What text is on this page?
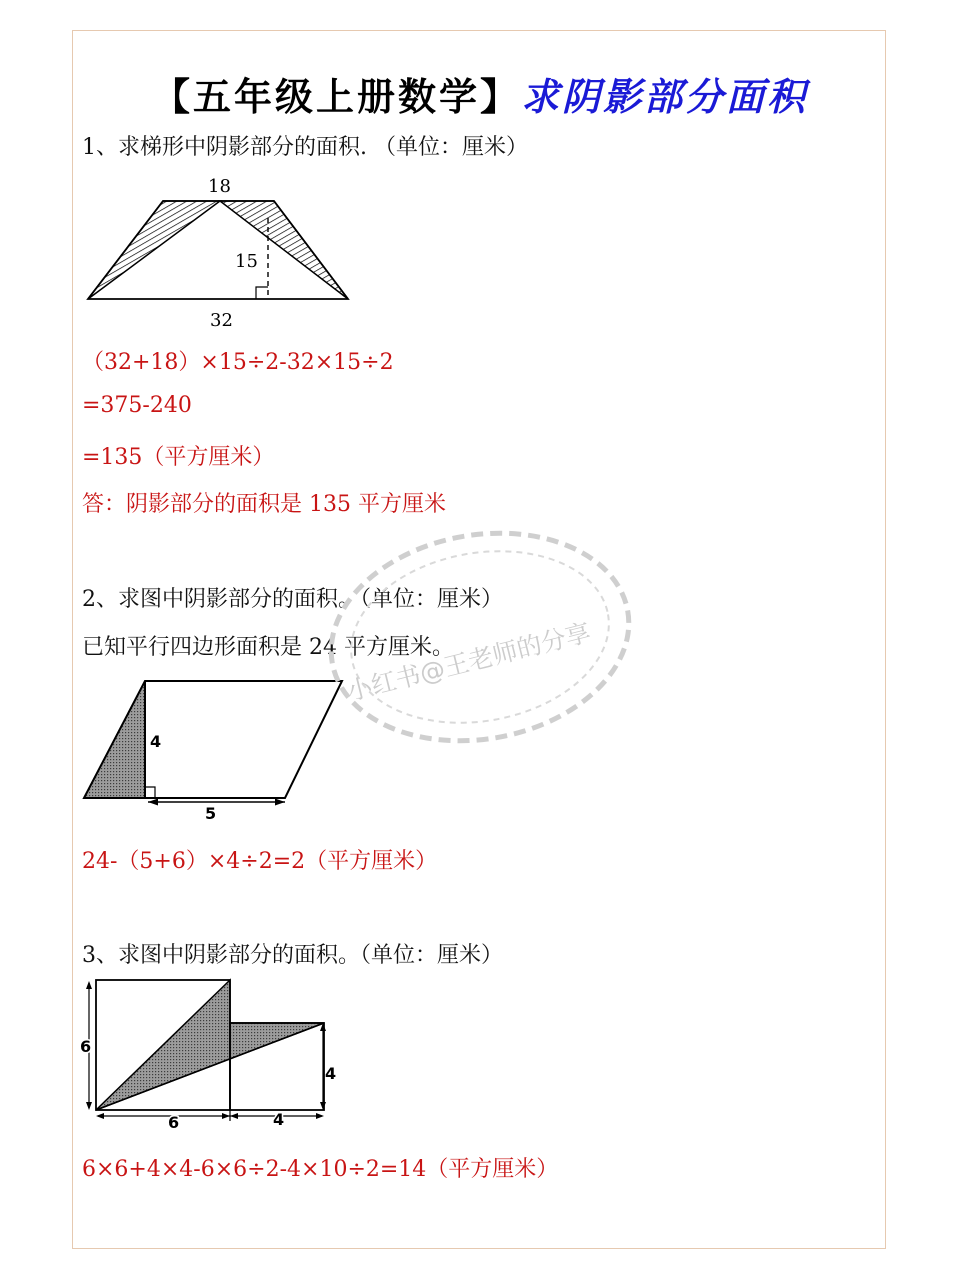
【五年级上册数学】求阴影部分面积
1、求梯形中阴影部分的面积. （单位：厘米）
18
15
32
（32+18）×15÷2-32×15÷2
=375-240
=135（平方厘米）
答：阴影部分的面积是 135 平方厘米
2、求图中阴影部分的面积。（单位：厘米）
已知平行四边形面积是 24 平方厘米。
4
5
24-（5+6）×4÷2=2（平方厘米）
3、求图中阴影部分的面积。（单位：厘米）
6
6
4
4
6×6+4×4-6×6÷2-4×10÷2=14（平方厘米）
小红书@王老师的分享
